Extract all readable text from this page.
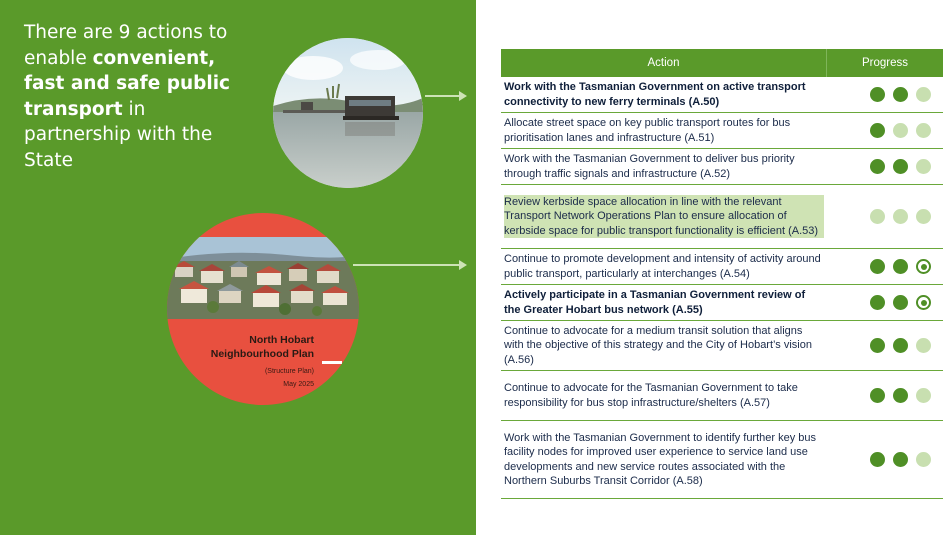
There are 9 actions to enable convenient, fast and safe public transport in partnership with the State
North Hobart Neighbourhood Plan
(Structure Plan)
May 2025
Action	Progress
Work with the Tasmanian Government on active transport connectivity to new ferry terminals (A.50)
Allocate street space on key public transport routes for bus prioritisation lanes and infrastructure (A.51)
Work with the Tasmanian Government to deliver bus priority through traffic signals and infrastructure (A.52)
Review kerbside space allocation in line with the relevant Transport Network Operations Plan to ensure allocation of kerbside space for public transport functionality is efficient (A.53)
Continue to promote development and intensity of activity around public transport, particularly at interchanges (A.54)
Actively participate in a Tasmanian Government review of the Greater Hobart bus network (A.55)
Continue to advocate for a medium transit solution that aligns with the objective of this strategy and the City of Hobart’s vision (A.56)
Continue to advocate for the Tasmanian Government to take responsibility for bus stop infrastructure/shelters (A.57)
Work with the Tasmanian Government to identify further key bus facility nodes for improved user experience to service land use developments and new service routes associated with the Northern Suburbs Transit Corridor (A.58)
